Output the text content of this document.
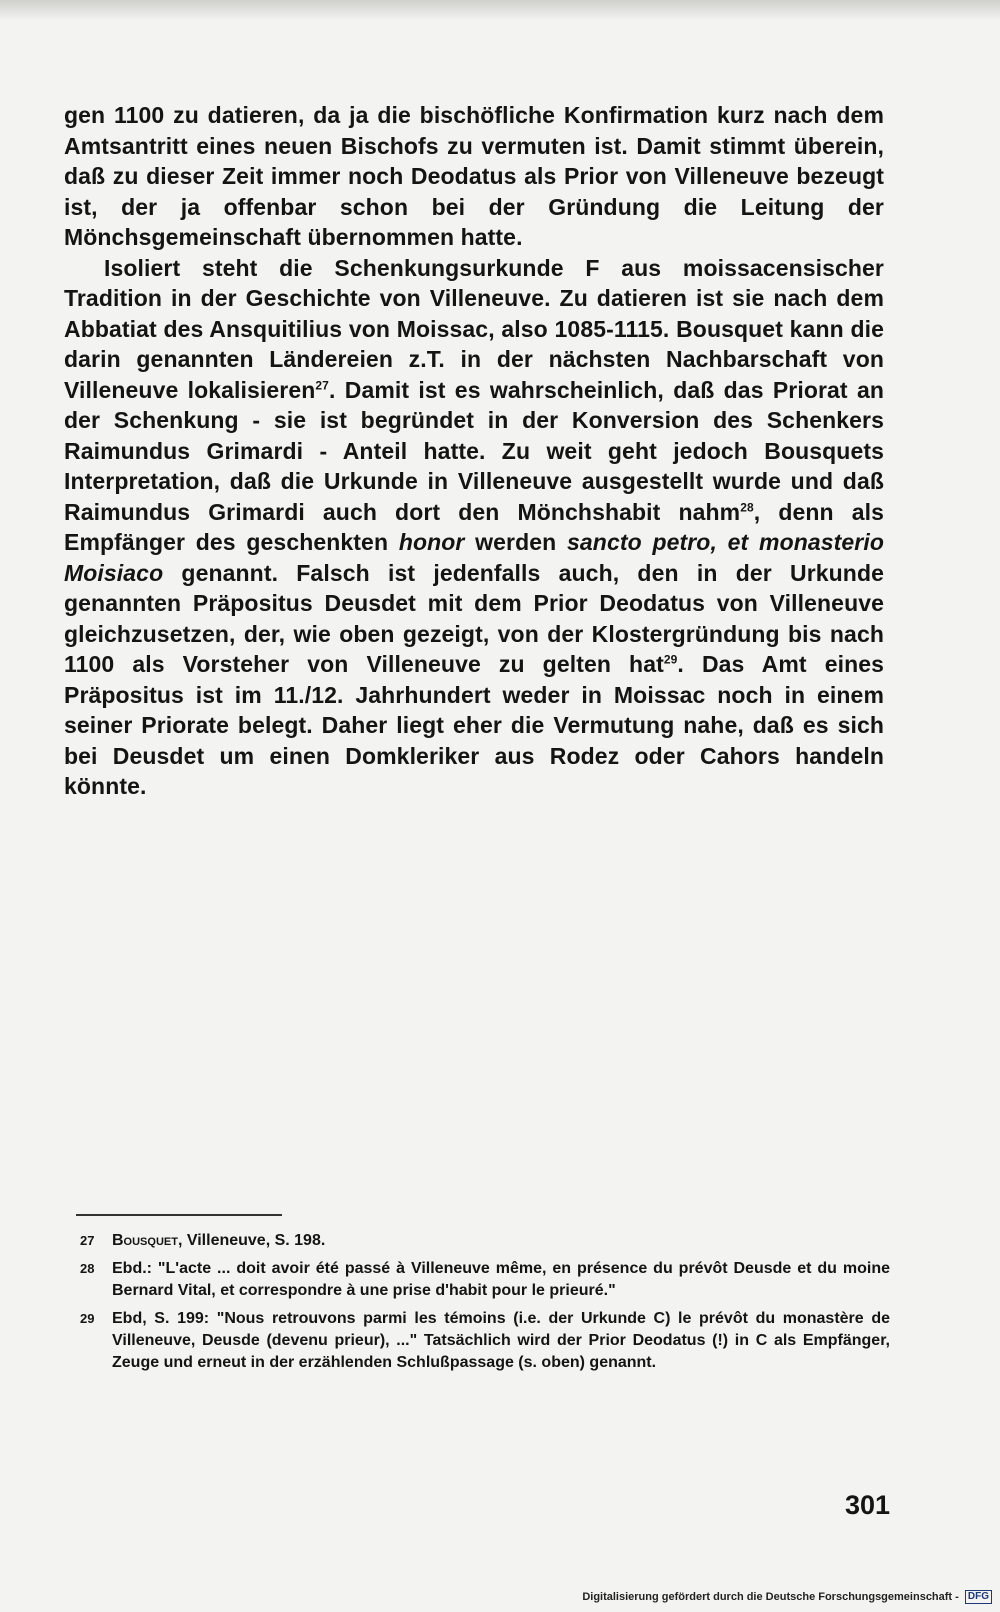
gen 1100 zu datieren, da ja die bischöfliche Konfirmation kurz nach dem Amtsantritt eines neuen Bischofs zu vermuten ist. Damit stimmt überein, daß zu dieser Zeit immer noch Deodatus als Prior von Villeneuve bezeugt ist, der ja offenbar schon bei der Gründung die Leitung der Mönchsgemeinschaft übernommen hatte.

Isoliert steht die Schenkungsurkunde F aus moissacensischer Tradition in der Geschichte von Villeneuve. Zu datieren ist sie nach dem Abbatiat des Ansquitilius von Moissac, also 1085-1115. Bousquet kann die darin genannten Ländereien z.T. in der nächsten Nachbarschaft von Villeneuve lokalisieren$^{27}$. Damit ist es wahrscheinlich, daß das Priorat an der Schenkung - sie ist begründet in der Konversion des Schenkers Raimundus Grimardi - Anteil hatte. Zu weit geht jedoch Bousquets Interpretation, daß die Urkunde in Villeneuve ausgestellt wurde und daß Raimundus Grimardi auch dort den Mönchshabit nahm$^{28}$, denn als Empfänger des geschenkten honor werden sancto petro, et monasterio Moisiaco genannt. Falsch ist jedenfalls auch, den in der Urkunde genannten Präpositus Deusdet mit dem Prior Deodatus von Villeneuve gleichzusetzen, der, wie oben gezeigt, von der Klostergründung bis nach 1100 als Vorsteher von Villeneuve zu gelten hat$^{29}$. Das Amt eines Präpositus ist im 11./12. Jahrhundert weder in Moissac noch in einem seiner Priorate belegt. Daher liegt eher die Vermutung nahe, daß es sich bei Deusdet um einen Domkleriker aus Rodez oder Cahors handeln könnte.

27 Bousquet, Villeneuve, S. 198.
28 Ebd.: "L'acte ... doit avoir été passé à Villeneuve même, en présence du prévôt Deusde et du moine Bernard Vital, et correspondre à une prise d'habit pour le prieuré."
29 Ebd, S. 199: "Nous retrouvons parmi les témoins (i.e. der Urkunde C) le prévôt du monastère de Villeneuve, Deusde (devenu prieur), ..." Tatsächlich wird der Prior Deodatus (!) in C als Empfänger, Zeuge und erneut in der erzählenden Schlußpassage (s. oben) genannt.
301
Digitalisierung gefördert durch die Deutsche Forschungsgemeinschaft - DFG
